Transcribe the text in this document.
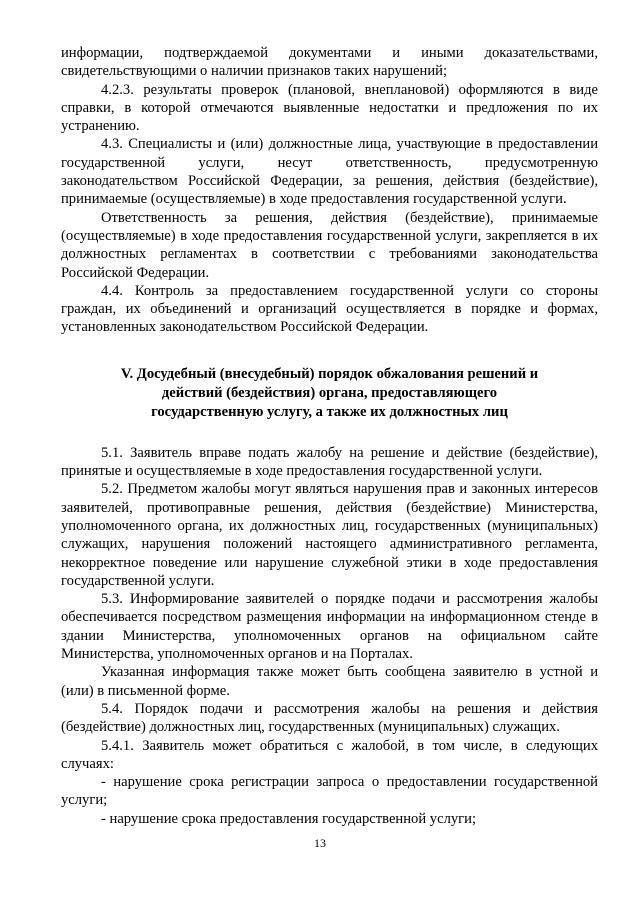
информации, подтверждаемой документами и иными доказательствами, свидетельствующими о наличии признаков таких нарушений;

4.2.3. результаты проверок (плановой, внеплановой) оформляются в виде справки, в которой отмечаются выявленные недостатки и предложения по их устранению.

4.3. Специалисты и (или) должностные лица, участвующие в предоставлении государственной услуги, несут ответственность, предусмотренную законодательством Российской Федерации, за решения, действия (бездействие), принимаемые (осуществляемые) в ходе предоставления государственной услуги.

Ответственность за решения, действия (бездействие), принимаемые (осуществляемые) в ходе предоставления государственной услуги, закрепляется в их должностных регламентах в соответствии с требованиями законодательства Российской Федерации.

4.4. Контроль за предоставлением государственной услуги со стороны граждан, их объединений и организаций осуществляется в порядке и формах, установленных законодательством Российской Федерации.

V. Досудебный (внесудебный) порядок обжалования решений и
действий (бездействия) органа, предоставляющего
государственную услугу, а также их должностных лиц

5.1. Заявитель вправе подать жалобу на решение и действие (бездействие), принятые и осуществляемые в ходе предоставления государственной услуги.

5.2. Предметом жалобы могут являться нарушения прав и законных интересов заявителей, противоправные решения, действия (бездействие) Министерства, уполномоченного органа, их должностных лиц, государственных (муниципальных) служащих, нарушения положений настоящего административного регламента, некорректное поведение или нарушение служебной этики в ходе предоставления государственной услуги.

5.3. Информирование заявителей о порядке подачи и рассмотрения жалобы обеспечивается посредством размещения информации на информационном стенде в здании Министерства, уполномоченных органов на официальном сайте Министерства, уполномоченных органов и на Порталах.

Указанная информация также может быть сообщена заявителю в устной и (или) в письменной форме.

5.4. Порядок подачи и рассмотрения жалобы на решения и действия (бездействие) должностных лиц, государственных (муниципальных) служащих.

5.4.1. Заявитель может обратиться с жалобой, в том числе, в следующих случаях:

- нарушение срока регистрации запроса о предоставлении государственной услуги;

- нарушение срока предоставления государственной услуги;

13
